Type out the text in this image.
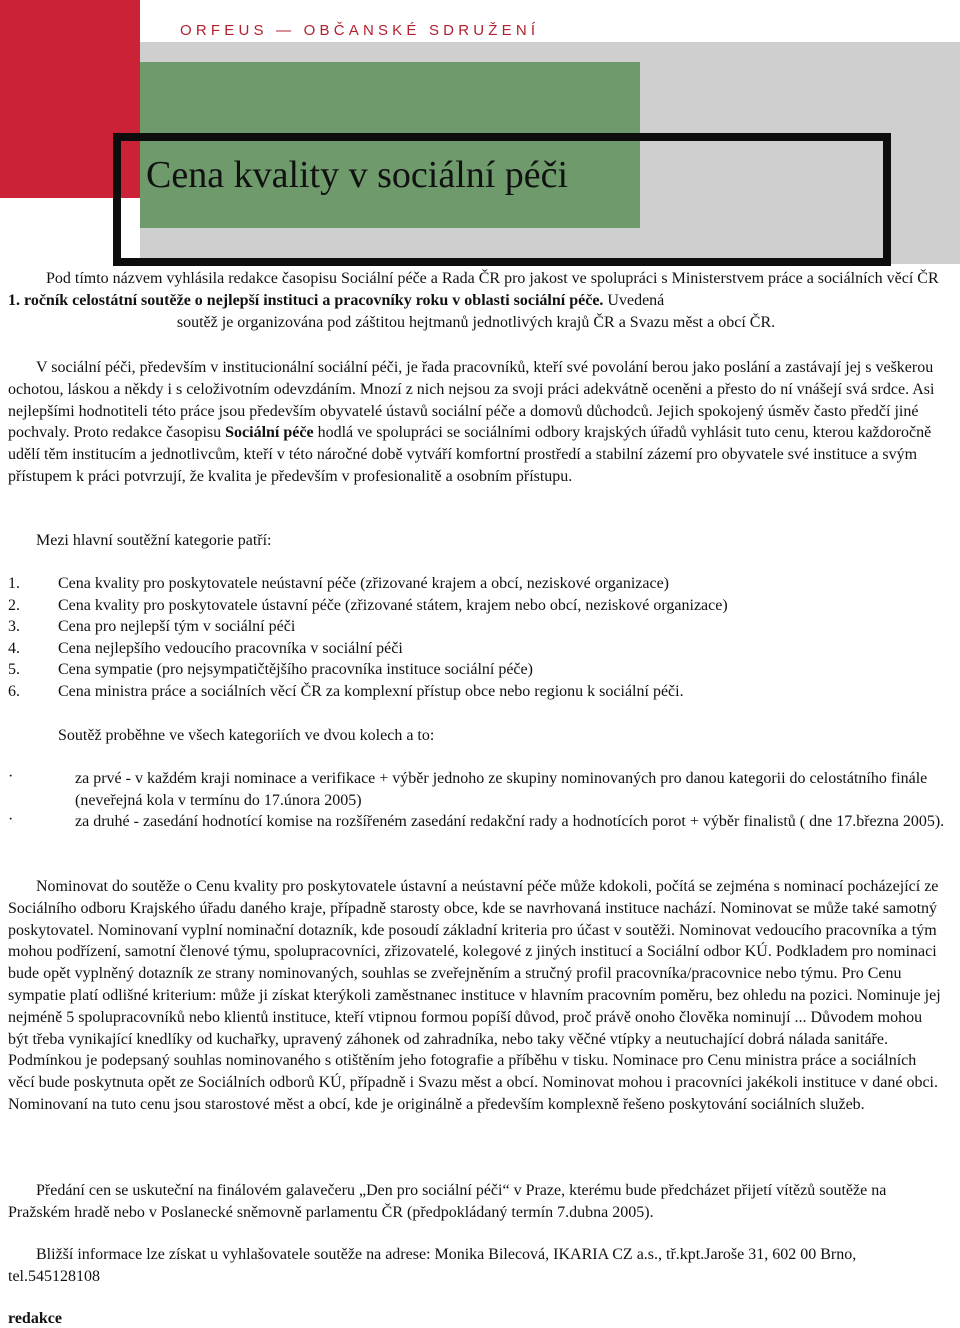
ORFEUS — OBČANSKÉ SDRUŽENÍ
Cena kvality v sociální péči

Pod tímto názvem vyhlásila redakce časopisu Sociální péče a Rada ČR pro jakost ve spolupráci s Ministerstvem práce a sociálních věcí ČR 1. ročník celostátní soutěže o nejlepší instituci a pracovníky roku v oblasti sociální péče. Uvedená
soutěž je organizována pod záštitou hejtmanů jednotlivých krajů ČR a Svazu měst a obcí ČR.

V sociální péči, především v institucionální sociální péči, je řada pracovníků, kteří své povolání berou jako poslání a zastávají jej s veškerou ochotou, láskou a někdy i s celoživotním odevzdáním. Mnozí z nich nejsou za svoji práci adekvátně oceněni a přesto do ní vnášejí svá srdce. Asi nejlepšími hodnotiteli této práce jsou především obyvatelé ústavů sociální péče a domovů důchodců. Jejich spokojený úsměv často předčí jiné pochvaly. Proto redakce časopisu Sociální péče hodlá ve spolupráci se sociálními odbory krajských úřadů vyhlásit tuto cenu, kterou každoročně udělí těm institucím a jednotlivcům, kteří v této náročné době vytváří komfortní prostředí a stabilní zázemí pro obyvatele své instituce a svým přístupem k práci potvrzují, že kvalita je především v profesionalitě a osobním přístupu.

Mezi hlavní soutěžní kategorie patří:

1. Cena kvality pro poskytovatele neústavní péče (zřizované krajem a obcí, neziskové organizace)
2. Cena kvality pro poskytovatele ústavní péče (zřizované státem, krajem nebo obcí, neziskové organizace)
3. Cena pro nejlepší tým v sociální péči
4. Cena nejlepšího vedoucího pracovníka v sociální péči
5. Cena sympatie (pro nejsympatičtějšího pracovníka instituce sociální péče)
6. Cena ministra práce a sociálních věcí ČR za komplexní přístup obce nebo regionu k sociální péči.

Soutěž proběhne ve všech kategoriích ve dvou kolech a to:

·	za prvé - v každém kraji nominace a verifikace + výběr jednoho ze skupiny nominovaných pro danou kategorii do celostátního finále (neveřejná kola v termínu do 17.února 2005)
·	za druhé - zasedání hodnotící komise na rozšířeném zasedání redakční rady a hodnotících porot + výběr finalistů ( dne 17.března 2005).

Nominovat do soutěže o Cenu kvality pro poskytovatele ústavní a neústavní péče může kdokoli, počítá se zejména s nominací pocházející ze Sociálního odboru Krajského úřadu daného kraje, případně starosty obce, kde se navrhovaná instituce nachází. Nominovat se může také samotný poskytovatel. Nominovaní vyplní nominační dotazník, kde posoudí základní kriteria pro účast v soutěži. Nominovat vedoucího pracovníka a tým mohou podřízení, samotní členové týmu, spolupracovníci, zřizovatelé, kolegové z jiných institucí a Sociální odbor KÚ. Podkladem pro nominaci bude opět vyplněný dotazník ze strany nominovaných, souhlas se zveřejněním a stručný profil pracovníka/pracovnice nebo týmu. Pro Cenu sympatie platí odlišné kriterium: může ji získat kterýkoli zaměstnanec instituce v hlavním pracovním poměru, bez ohledu na pozici. Nominuje jej nejméně 5 spolupracovníků nebo klientů instituce, kteří vtipnou formou popíší důvod, proč právě onoho člověka nominují ... Důvodem mohou být třeba vynikající knedlíky od kuchařky, upravený záhonek od zahradníka, nebo taky věčné vtípky a neutuchající dobrá nálada sanitáře. Podmínkou je podepsaný souhlas nominovaného s otištěním jeho fotografie a příběhu v tisku. Nominace pro Cenu ministra práce a sociálních věcí bude poskytnuta opět ze Sociálních odborů KÚ, případně i Svazu měst a obcí. Nominovat mohou i pracovníci jakékoli instituce v dané obci. Nominovaní na tuto cenu jsou starostové měst a obcí, kde je originálně a především komplexně řešeno poskytování sociálních služeb.

Předání cen se uskuteční na finálovém galavečeru „Den pro sociální péči“ v Praze, kterému bude předcházet přijetí vítězů soutěže na Pražském hradě nebo v Poslanecké sněmovně parlamentu ČR (předpokládaný termín 7.dubna 2005).

Bližší informace lze získat u vyhlašovatele soutěže na adrese: Monika Bilecová, IKARIA CZ a.s., tř.kpt.Jaroše 31, 602 00 Brno, tel.545128108

redakce
